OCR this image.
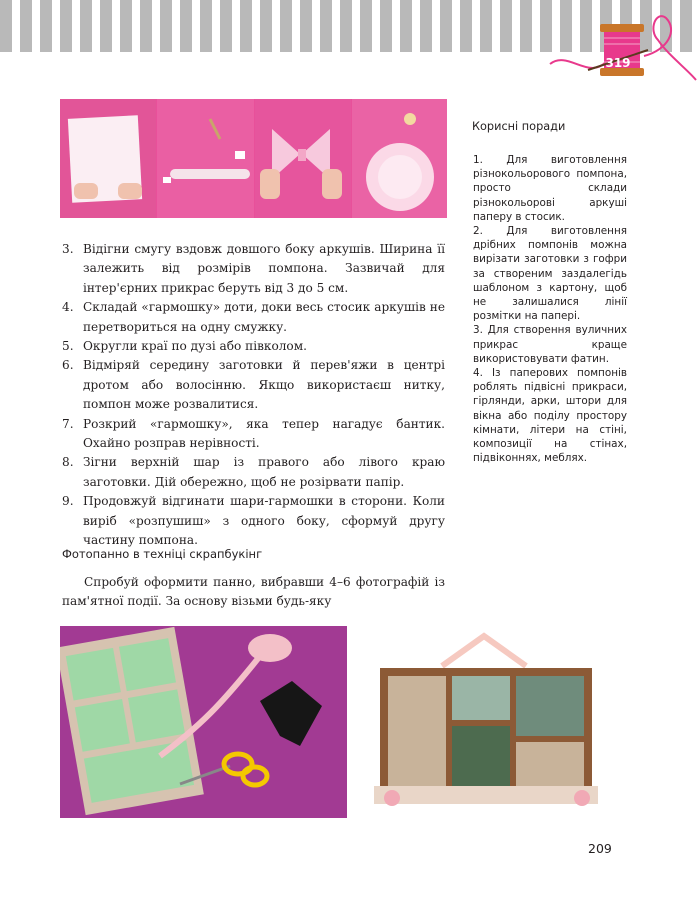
319
3. Відігни смугу вздовж довшого боку аркушів. Ширина її залежить від розмірів помпона. Зазвичай для інтер'єрних прикрас беруть від 3 до 5 см.
4. Складай «гармошку» доти, доки весь стосик аркушів не перетвориться на одну смужку.
5. Округли краї по дузі або півколом.
6. Відміряй середину заготовки й перев'яжи в центрі дротом або волосінню. Якщо використаєш нитку, помпон може розвалитися.
7. Розкрий «гармошку», яка тепер нагадує бантик. Охайно розправ нерівності.
8. Зігни верхній шар із правого або лівого краю заготовки. Дій обережно, щоб не розірвати папір.
9. Продовжуй відгинати шари-гармошки в сторони. Коли виріб «розпушиш» з одного боку, сформуй другу частину помпона.
Фотопанно в техніці скрапбукінг

Спробуй оформити панно, вибравши 4–6 фотографій із пам'ятної події. За основу візьми будь-яку

Корисні поради

1. Для виготовлення різнокольорового помпона, просто склади різнокольорові аркуші паперу в стосик.

2. Для виготовлення дрібних помпонів можна вирізати заготовки з гофри за створеним заздалегідь шаблоном з картону, щоб не залишалися лінії розмітки на папері.

3. Для створення вуличних прикрас краще використовувати фатин.

4. Із паперових помпонів роблять підвісні прикраси, гірлянди, арки, штори для вікна або поділу простору кімнати, літери на стіні, композиції на стінах, підвіконнях, меблях.

209
